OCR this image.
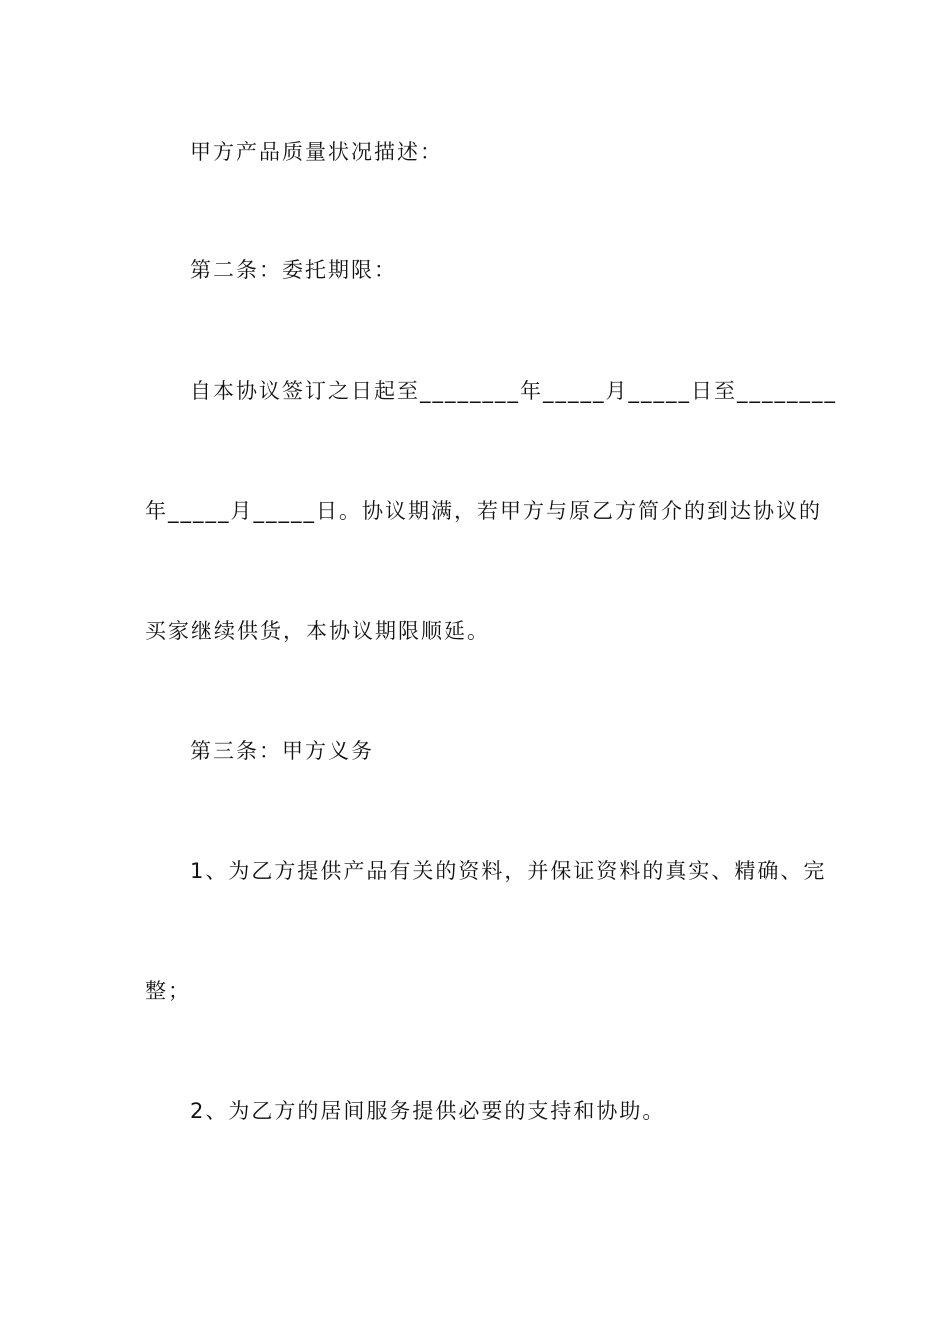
甲方产品质量状况描述：
第二条：委托期限：
自本协议签订之日起至________年_____月_____日至________
年_____月_____日。协议期满，若甲方与原乙方简介的到达协议的
买家继续供货，本协议期限顺延。
第三条：甲方义务
1、为乙方提供产品有关的资料，并保证资料的真实、精确、完
整；
2、为乙方的居间服务提供必要的支持和协助。
